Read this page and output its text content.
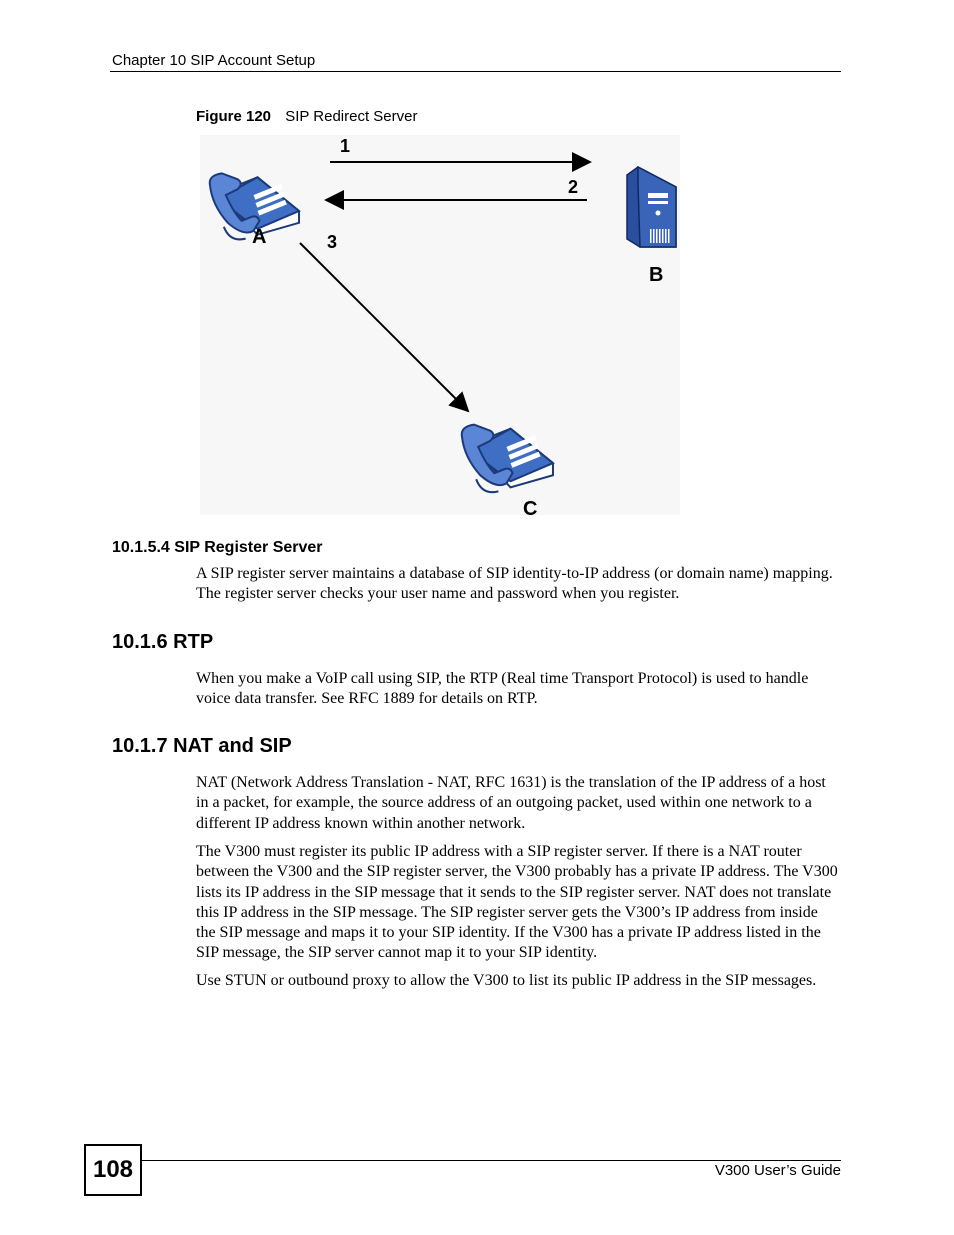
Chapter 10 SIP Account Setup
Figure 120 SIP Redirect Server
1
2
3
A
B
C
10.1.5.4 SIP Register Server
A SIP register server maintains a database of SIP identity-to-IP address (or domain name) mapping. The register server checks your user name and password when you register.
10.1.6 RTP
When you make a VoIP call using SIP, the RTP (Real time Transport Protocol) is used to handle voice data transfer. See RFC 1889 for details on RTP.
10.1.7 NAT and SIP
NAT (Network Address Translation - NAT, RFC 1631) is the translation of the IP address of a host in a packet, for example, the source address of an outgoing packet, used within one network to a different IP address known within another network.
The V300 must register its public IP address with a SIP register server. If there is a NAT router between the V300 and the SIP register server, the V300 probably has a private IP address. The V300 lists its IP address in the SIP message that it sends to the SIP register server. NAT does not translate this IP address in the SIP message. The SIP register server gets the V300’s IP address from inside the SIP message and maps it to your SIP identity. If the V300 has a private IP address listed in the SIP message, the SIP server cannot map it to your SIP identity.
Use STUN or outbound proxy to allow the V300 to list its public IP address in the SIP messages.
108	V300 User’s Guide
